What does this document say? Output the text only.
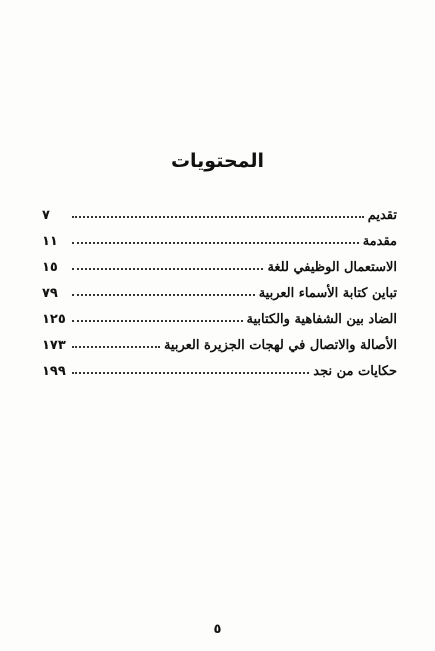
المحتويات
تقديم
٧
مقدمة
١١
الاستعمال الوظيفي للغة
١٥
تباين كتابة الأسماء العربية
٧٩
الضاد بين الشفاهية والكتابية
١٢٥
الأصالة والاتصال في لهجات الجزيرة العربية
١٧٣
حكايات من نجد
١٩٩
٥
